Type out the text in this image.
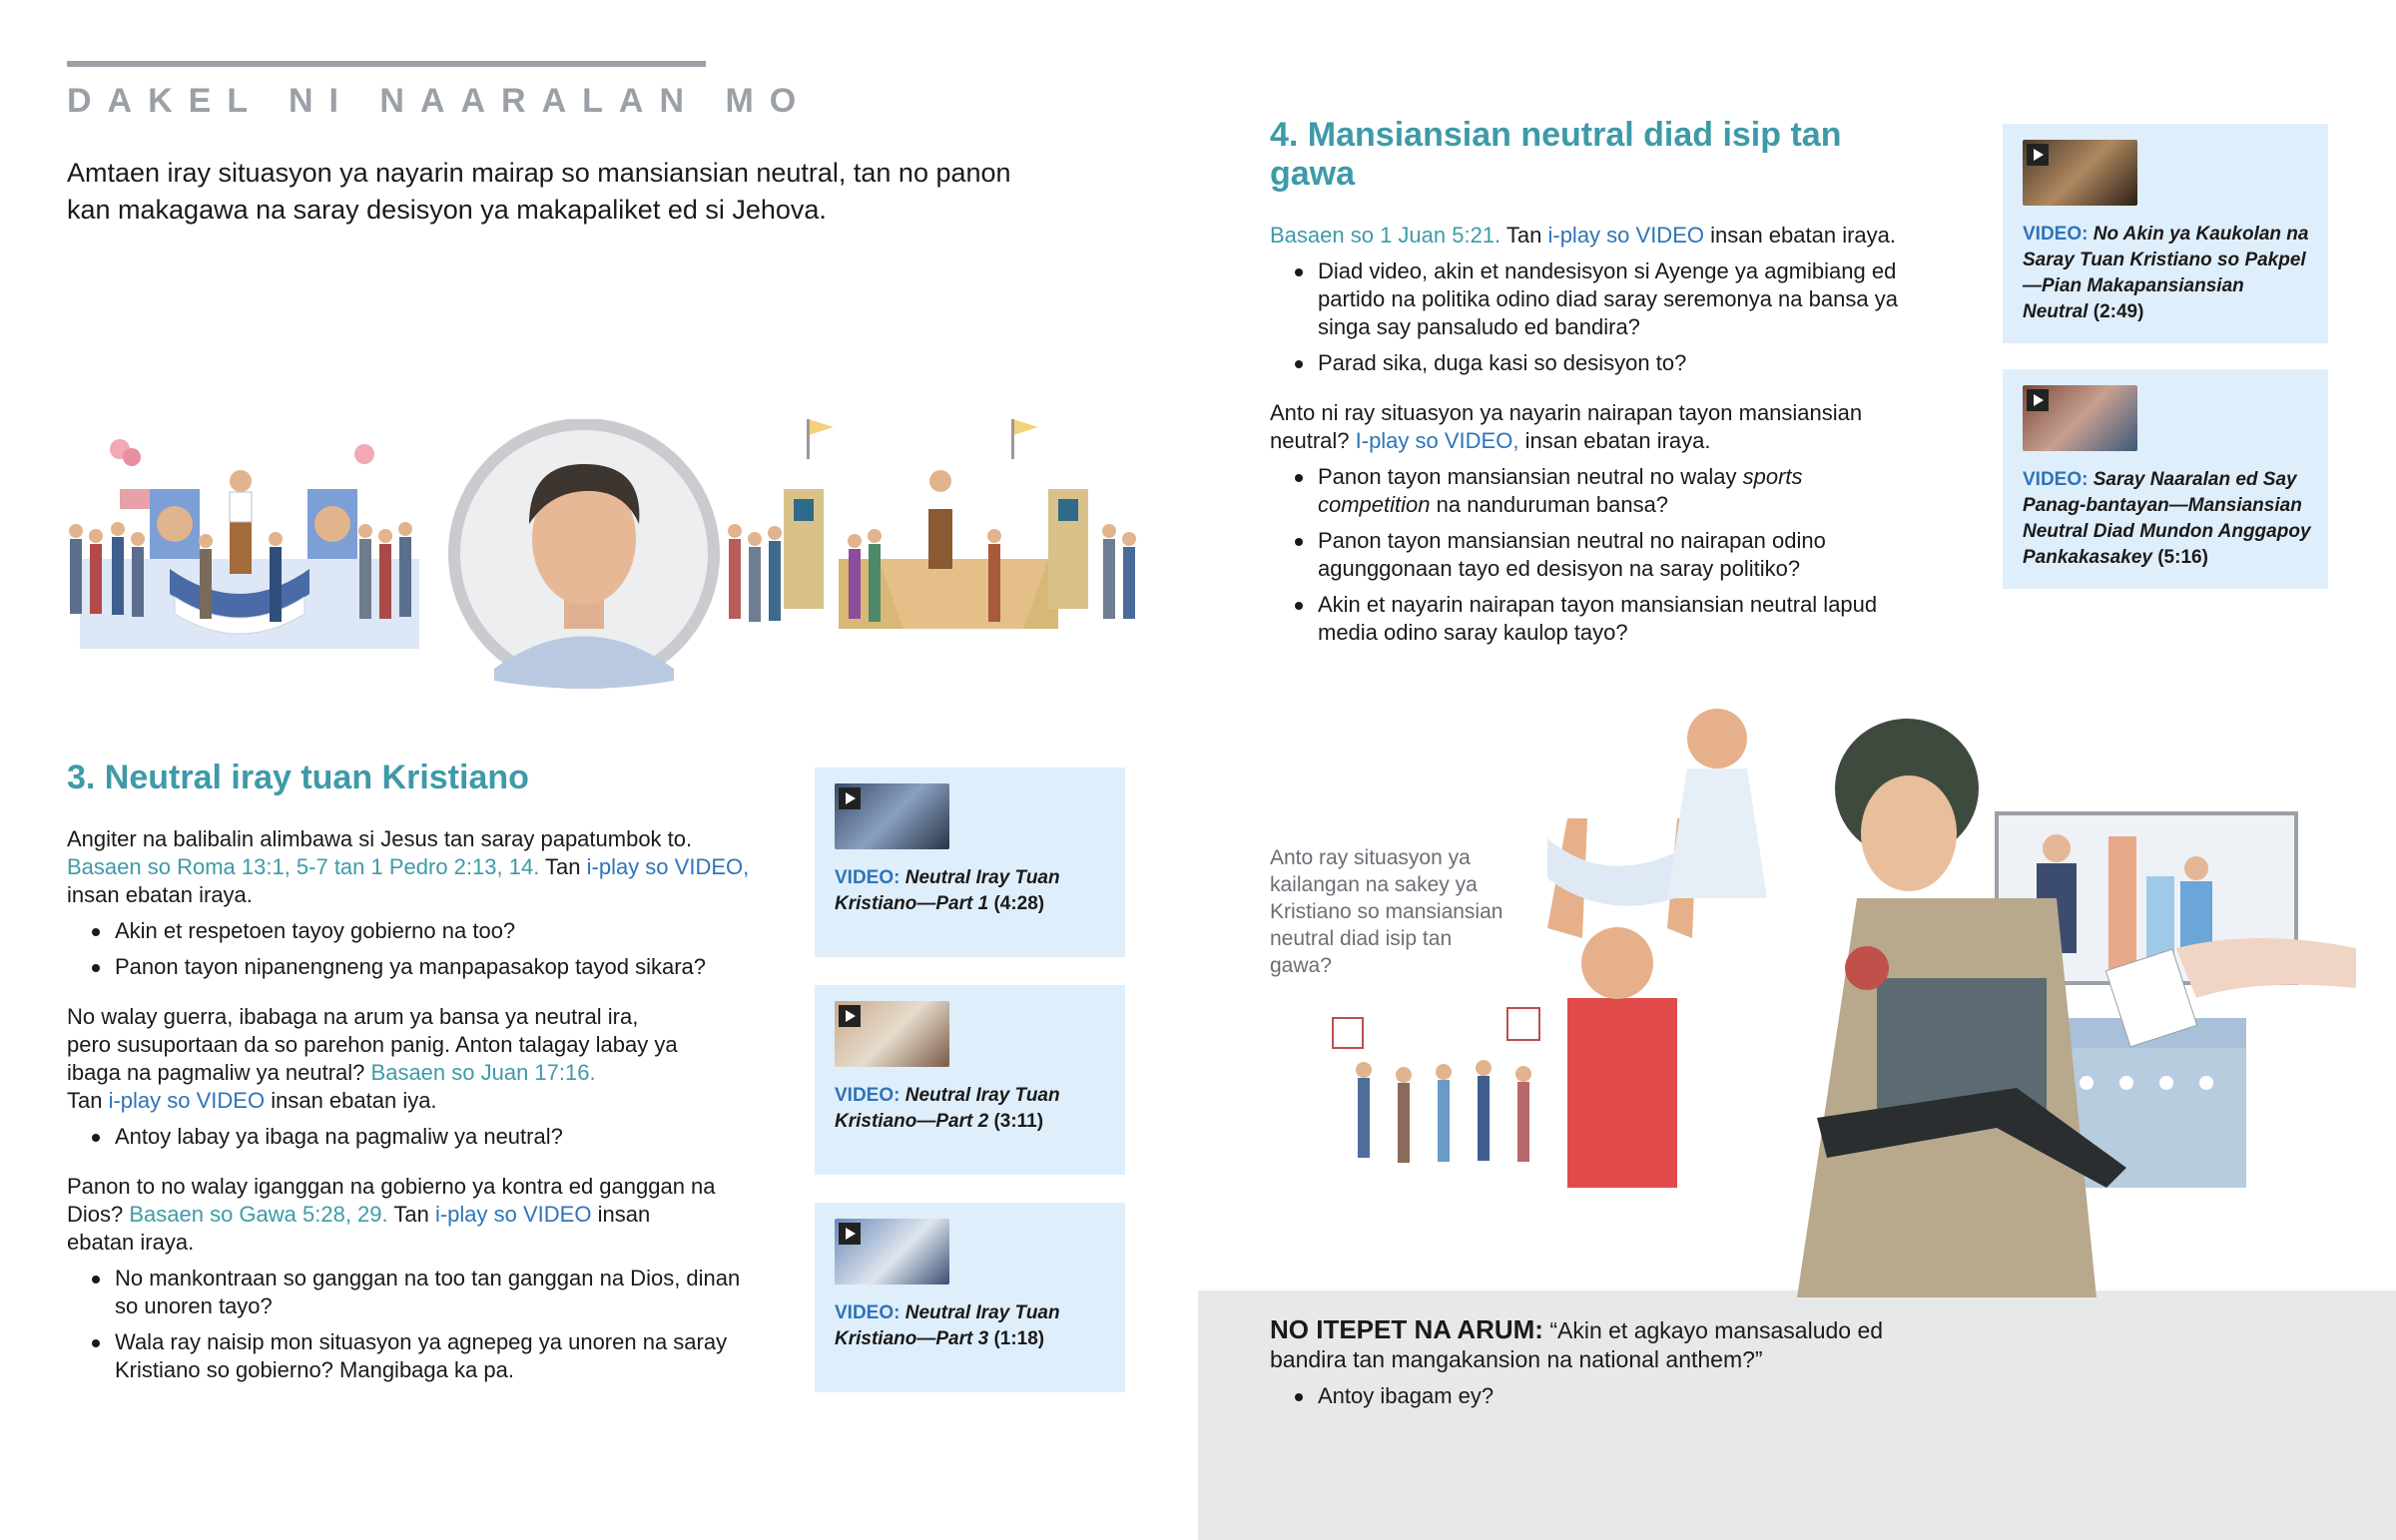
DAKEL NI NAARALAN MO
Amtaen iray situasyon ya nayarin mairap so mansiansian neutral, tan no panon kan makagawa na saray desisyon ya makapaliket ed si Jehova.
3. Neutral iray tuan Kristiano
Angiter na balibalin alimbawa si Jesus tan saray papatumbok to.
Basaen so Roma 13:1, 5-7 tan 1 Pedro 2:13, 14. Tan i-play so VIDEO, insan ebatan iraya.
Akin et respetoen tayoy gobierno na too?
Panon tayon nipanengneng ya manpapasakop tayod sikara?
No walay guerra, ibabaga na arum ya bansa ya neutral ira, pero susuportaan da so parehon panig. Anton talagay labay ya ibaga na pagmaliw ya neutral? Basaen so Juan 17:16.
Tan i-play so VIDEO insan ebatan iya.
Antoy labay ya ibaga na pagmaliw ya neutral?
Panon to no walay iganggan na gobierno ya kontra ed ganggan na Dios? Basaen so Gawa 5:28, 29. Tan i-play so VIDEO insan ebatan iraya.
No mankontraan so ganggan na too tan ganggan na Dios, dinan so unoren tayo?
Wala ray naisip mon situasyon ya agnepeg ya unoren na saray Kristiano so gobierno? Mangibaga ka pa.
VIDEO: Neutral Iray Tuan Kristiano—Part 1 (4:28)
VIDEO: Neutral Iray Tuan Kristiano—Part 2 (3:11)
VIDEO: Neutral Iray Tuan Kristiano—Part 3 (1:18)
4. Mansiansian neutral diad isip tan gawa
Basaen so 1 Juan 5:21. Tan i-play so VIDEO insan ebatan iraya.
Diad video, akin et nandesisyon si Ayenge ya agmibiang ed partido na politika odino diad saray seremonya na bansa ya singa say pansaludo ed bandira?
Parad sika, duga kasi so desisyon to?
Anto ni ray situasyon ya nayarin nairapan tayon mansiansian neutral? I-play so VIDEO, insan ebatan iraya.
Panon tayon mansiansian neutral no walay sports competition na nanduruman bansa?
Panon tayon mansiansian neutral no nairapan odino agunggonaan tayo ed desisyon na saray politiko?
Akin et nayarin nairapan tayon mansiansian neutral lapud media odino saray kaulop tayo?
VIDEO: No Akin ya Kaukolan na Saray Tuan Kristiano so Pakpel—Pian Makapansiansian Neutral (2:49)
VIDEO: Saray Naaralan ed Say Panag-bantayan—Mansiansian Neutral Diad Mundon Anggapoy Pankakasakey (5:16)
Anto ray situasyon ya kailangan na sakey ya Kristiano so mansiansian neutral diad isip tan gawa?
NO ITEPET NA ARUM: “Akin et agkayo mansasaludo ed bandira tan mangakansion na national anthem?”
Antoy ibagam ey?
